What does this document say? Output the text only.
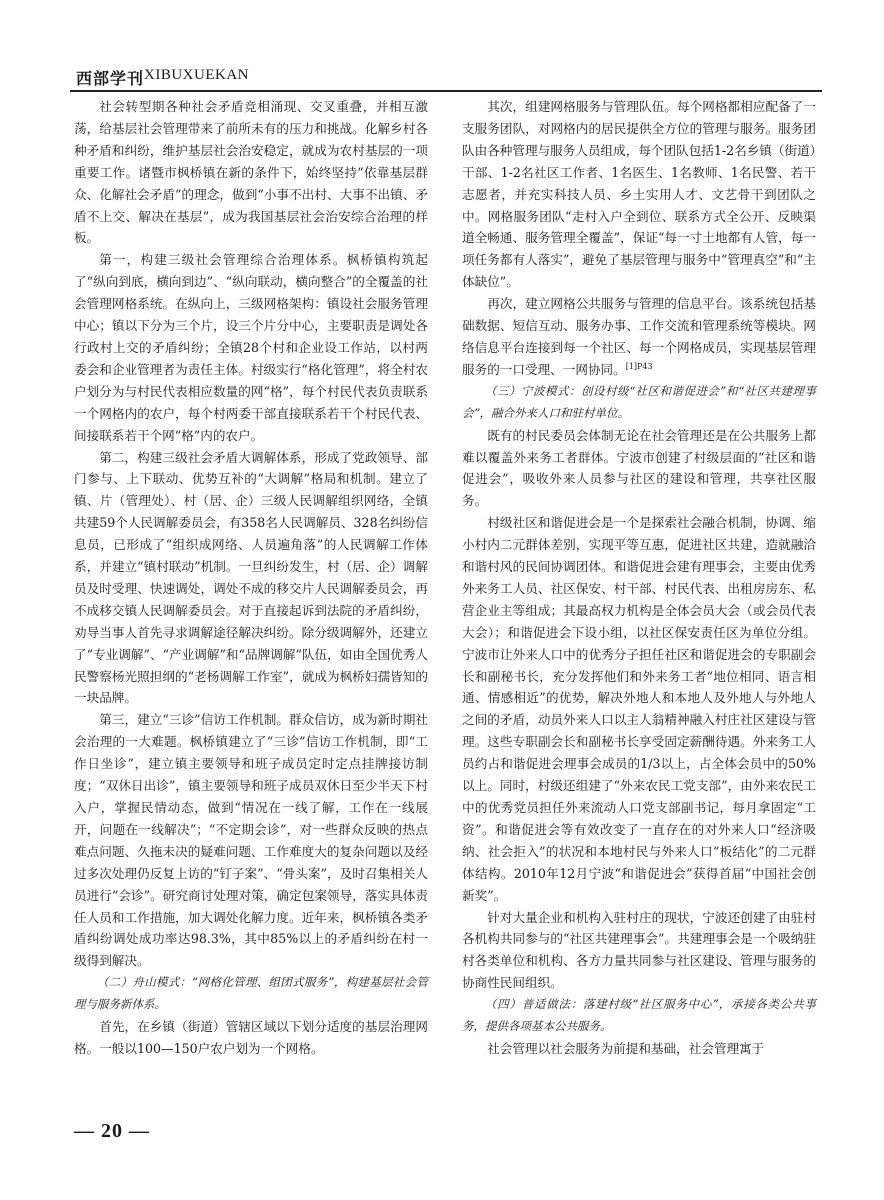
西部学刊 XIBUXUEKAN

社会转型期各种社会矛盾竞相涌现、交叉重叠，并相互激荡，给基层社会管理带来了前所未有的压力和挑战。化解乡村各种矛盾和纠纷，维护基层社会治安稳定，就成为农村基层的一项重要工作。诸暨市枫桥镇在新的条件下，始终坚持“依靠基层群众、化解社会矛盾”的理念，做到“小事不出村、大事不出镇、矛盾不上交、解决在基层”，成为我国基层社会治安综合治理的样板。

第一，构建三级社会管理综合治理体系。枫桥镇构筑起了“纵向到底，横向到边”、“纵向联动，横向整合”的全覆盖的社会管理网格系统。在纵向上，三级网格架构：镇设社会服务管理中心；镇以下分为三个片，设三个片分中心，主要职责是调处各行政村上交的矛盾纠纷；全镇28个村和企业设工作站，以村两委会和企业管理者为责任主体。村级实行“格化管理”，将全村农户划分为与村民代表相应数量的网“格”，每个村民代表负责联系一个网格内的农户，每个村两委干部直接联系若干个村民代表、间接联系若干个网“格”内的农户。

第二，构建三级社会矛盾大调解体系，形成了党政领导、部门参与、上下联动、优势互补的“大调解”格局和机制。建立了镇、片（管理处）、村（居、企）三级人民调解组织网络，全镇共建59个人民调解委员会，有358名人民调解员、328名纠纷信息员，已形成了“组织成网络、人员遍角落”的人民调解工作体系，并建立“镇村联动”机制。一旦纠纷发生，村（居、企）调解员及时受理、快速调处，调处不成的移交片人民调解委员会，再不成移交镇人民调解委员会。对于直接起诉到法院的矛盾纠纷，劝导当事人首先寻求调解途径解决纠纷。除分级调解外，还建立了“专业调解”、“产业调解”和“品牌调解”队伍，如由全国优秀人民警察杨光照担纲的“老杨调解工作室”，就成为枫桥妇孺皆知的一块品牌。

第三，建立“三诊”信访工作机制。群众信访，成为新时期社会治理的一大难题。枫桥镇建立了“三诊”信访工作机制，即“工作日坐诊”，建立镇主要领导和班子成员定时定点挂牌接访制度；“双休日出诊”，镇主要领导和班子成员双休日至少半天下村入户，掌握民情动态，做到“情况在一线了解，工作在一线展开，问题在一线解决”；“不定期会诊”，对一些群众反映的热点难点问题、久拖未决的疑难问题、工作难度大的复杂问题以及经过多次处理仍反复上访的“钉子案”、“骨头案”，及时召集相关人员进行“会诊”。研究商讨处理对策，确定包案领导，落实具体责任人员和工作措施，加大调处化解力度。近年来，枫桥镇各类矛盾纠纷调处成功率达98.3%，其中85%以上的矛盾纠纷在村一级得到解决。

（二）舟山模式：“网格化管理、组团式服务”，构建基层社会管理与服务新体系。

首先，在乡镇（街道）管辖区域以下划分适度的基层治理网格。一般以100—150户农户划为一个网格。

其次，组建网格服务与管理队伍。每个网格都相应配备了一支服务团队，对网格内的居民提供全方位的管理与服务。服务团队由各种管理与服务人员组成，每个团队包括1-2名乡镇（街道）干部、1-2名社区工作者、1名医生、1名教师、1名民警、若干志愿者，并充实科技人员、乡土实用人才、文艺骨干到团队之中。网格服务团队“走村入户全到位、联系方式全公开、反映渠道全畅通、服务管理全覆盖”，保证“每一寸土地都有人管，每一项任务都有人落实”，避免了基层管理与服务中“管理真空”和“主体缺位”。

再次，建立网格公共服务与管理的信息平台。该系统包括基础数据、短信互动、服务办事、工作交流和管理系统等模块。网络信息平台连接到每一个社区、每一个网格成员，实现基层管理服务的一口受理、一网协同。$^{[1]P43}$

（三）宁波模式：创设村级“社区和谐促进会”和“社区共建理事会”，融合外来人口和驻村单位。

既有的村民委员会体制无论在社会管理还是在公共服务上都难以覆盖外来务工者群体。宁波市创建了村级层面的“社区和谐促进会”，吸收外来人员参与社区的建设和管理，共享社区服务。

村级社区和谐促进会是一个是探索社会融合机制，协调、缩小村内二元群体差别，实现平等互惠，促进社区共建，造就融洽和谐村风的民间协调团体。和谐促进会建有理事会，主要由优秀外来务工人员、社区保安、村干部、村民代表、出租房房东、私营企业主等组成；其最高权力机构是全体会员大会（或会员代表大会）；和谐促进会下设小组，以社区保安责任区为单位分组。宁波市让外来人口中的优秀分子担任社区和谐促进会的专职副会长和副秘书长，充分发挥他们和外来务工者“地位相同、语言相通、情感相近”的优势，解决外地人和本地人及外地人与外地人之间的矛盾，动员外来人口以主人翁精神融入村庄社区建设与管理。这些专职副会长和副秘书长享受固定薪酬待遇。外来务工人员约占和谐促进会理事会成员的1/3以上，占全体会员中的50%以上。同时，村级还组建了“外来农民工党支部”，由外来农民工中的优秀党员担任外来流动人口党支部副书记，每月拿固定“工资”。和谐促进会等有效改变了一直存在的对外来人口“经济吸纳、社会拒入”的状况和本地村民与外来人口“板结化”的二元群体结构。2010年12月宁波“和谐促进会”获得首届“中国社会创新奖”。

针对大量企业和机构入驻村庄的现状，宁波还创建了由驻村各机构共同参与的“社区共建理事会”。共建理事会是一个吸纳驻村各类单位和机构、各方力量共同参与社区建设、管理与服务的协商性民间组织。

（四）普适做法：落建村级“社区服务中心”，承接各类公共事务，提供各项基本公共服务。

社会管理以社会服务为前提和基础，社会管理寓于

— 20 —
